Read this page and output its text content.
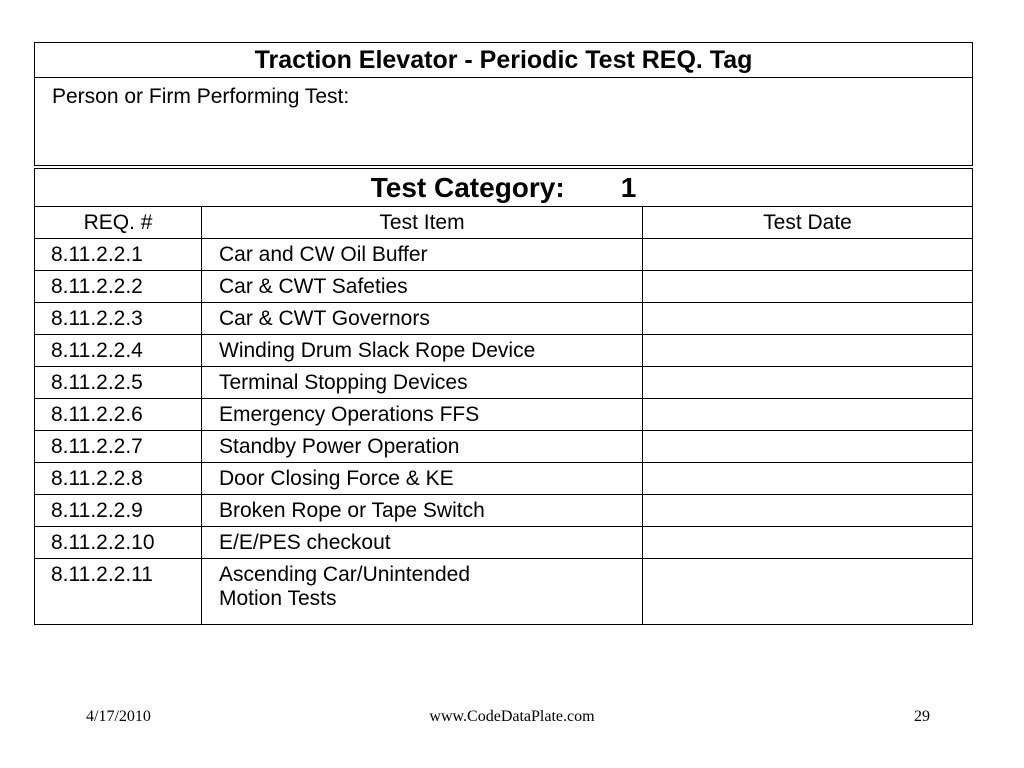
Traction Elevator - Periodic Test REQ. Tag		
Person or Firm Performing Test:		
Test Category: 1		
REQ. #	Test Item	Test Date
8.11.2.2.1	Car and CW Oil Buffer	
8.11.2.2.2	Car & CWT Safeties	
8.11.2.2.3	Car & CWT Governors	
8.11.2.2.4	Winding Drum Slack Rope Device	
8.11.2.2.5	Terminal Stopping Devices	
8.11.2.2.6	Emergency Operations FFS	
8.11.2.2.7	Standby Power Operation	
8.11.2.2.8	Door Closing Force & KE	
8.11.2.2.9	Broken Rope or Tape Switch	
8.11.2.2.10	E/E/PES checkout	
8.11.2.2.11	Ascending Car/Unintended
Motion Tests	

4/17/2010	www.CodeDataPlate.com	29
